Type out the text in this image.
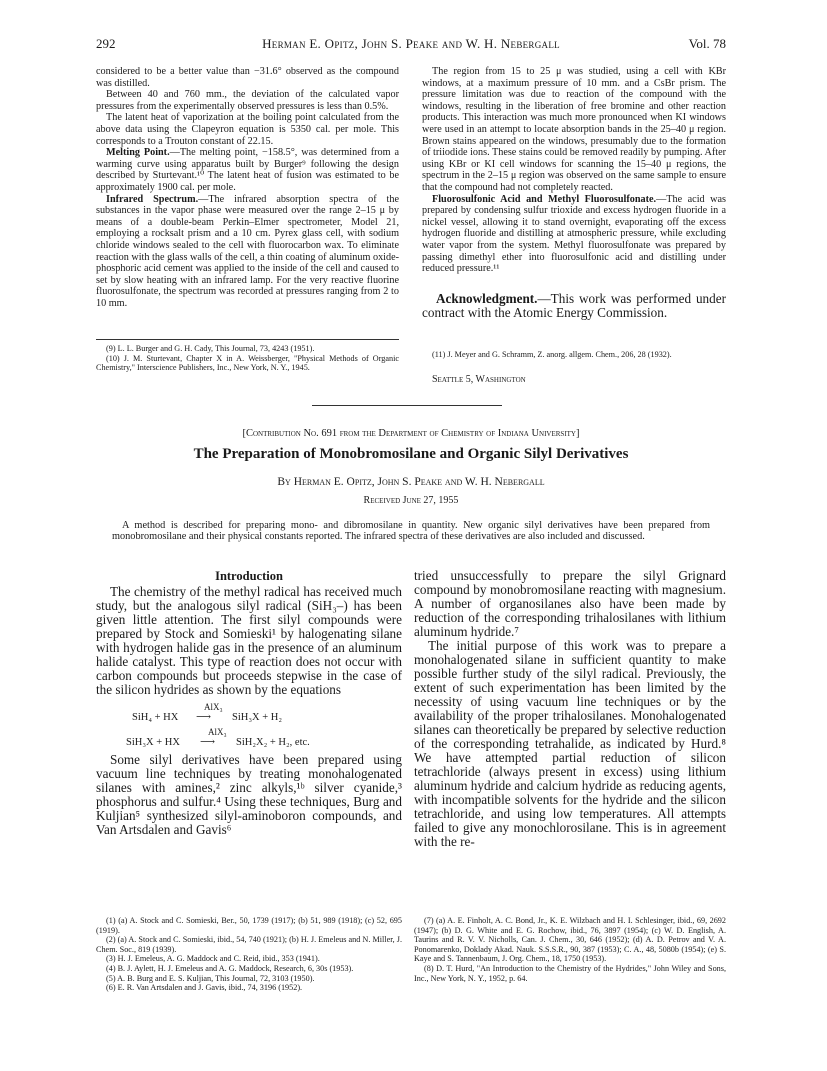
292	Herman E. Opitz, John S. Peake and W. H. Nebergall	Vol. 78

considered to be a better value than −31.6° observed as the compound was distilled.

Between 40 and 760 mm., the deviation of the calculated vapor pressures from the experimentally observed pressures is less than 0.5%.

The latent heat of vaporization at the boiling point calculated from the above data using the Clapeyron equation is 5350 cal. per mole. This corresponds to a Trouton constant of 22.15.

Melting Point.—The melting point, −158.5°, was determined from a warming curve using apparatus built by Burger⁹ following the design described by Sturtevant.¹⁰ The latent heat of fusion was estimated to be approximately 1900 cal. per mole.

Infrared Spectrum.—The infrared absorption spectra of the substances in the vapor phase were measured over the range 2–15 μ by means of a double-beam Perkin–Elmer spectrometer, Model 21, employing a rocksalt prism and a 10 cm. Pyrex glass cell, with sodium chloride windows sealed to the cell with fluorocarbon wax. To eliminate reaction with the glass walls of the cell, a thin coating of aluminum oxide-phosphoric acid cement was applied to the inside of the cell and caused to set by slow heating with an infrared lamp. For the very reactive fluorine fluorosulfonate, the spectrum was recorded at pressures ranging from 2 to 10 mm.

(9) L. L. Burger and G. H. Cady, This Journal, 73, 4243 (1951).

(10) J. M. Sturtevant, Chapter X in A. Weissberger, "Physical Methods of Organic Chemistry," Interscience Publishers, Inc., New York, N. Y., 1945.

The region from 15 to 25 μ was studied, using a cell with KBr windows, at a maximum pressure of 10 mm. and a CsBr prism. The pressure limitation was due to reaction of the compound with the windows, resulting in the liberation of free bromine and other reaction products. This interaction was much more pronounced when KI windows were used in an attempt to locate absorption bands in the 25–40 μ region. Brown stains appeared on the windows, presumably due to the formation of triiodide ions. These stains could be removed readily by pumping. After using KBr or KI cell windows for scanning the 15–40 μ regions, the spectrum in the 2–15 μ region was observed on the same sample to ensure that the compound had not completely reacted.

Fluorosulfonic Acid and Methyl Fluorosulfonate.—The acid was prepared by condensing sulfur trioxide and excess hydrogen fluoride in a nickel vessel, allowing it to stand overnight, evaporating off the excess hydrogen fluoride and distilling at atmospheric pressure, while excluding water vapor from the system. Methyl fluorosulfonate was prepared by passing dimethyl ether into fluorosulfonic acid and distilling under reduced pressure.¹¹

Acknowledgment.—This work was performed under contract with the Atomic Energy Commission.

(11) J. Meyer and G. Schramm, Z. anorg. allgem. Chem., 206, 28 (1932).

Seattle 5, Washington
[Contribution No. 691 from the Department of Chemistry of Indiana University]
The Preparation of Monobromosilane and Organic Silyl Derivatives
By Herman E. Opitz, John S. Peake and W. H. Nebergall
Received June 27, 1955
A method is described for preparing mono- and dibromosilane in quantity. New organic silyl derivatives have been prepared from monobromosilane and their physical constants reported. The infrared spectra of these derivatives are also included and discussed.
Introduction

The chemistry of the methyl radical has received much study, but the analogous silyl radical (SiH₃–) has been given little attention. The first silyl compounds were prepared by Stock and Somieski¹ by halogenating silane with hydrogen halide gas in the presence of an aluminum halide catalyst. This type of reaction does not occur with carbon compounds but proceeds stepwise in the case of the silicon hydrides as shown by the equations

SiH₄ + HX
AlX₃
⟶ SiH₃X + H₂
SiH₃X + HX
AlX₃
⟶ SiH₂X₂ + H₂, etc.

Some silyl derivatives have been prepared using vacuum line techniques by treating monohalogenated silanes with amines,² zinc alkyls,¹ᵇ silver cyanide,³ phosphorus and sulfur.⁴ Using these techniques, Burg and Kuljian⁵ synthesized silyl-aminoboron compounds, and Van Artsdalen and Gavis⁶

tried unsuccessfully to prepare the silyl Grignard compound by monobromosilane reacting with magnesium. A number of organosilanes also have been made by reduction of the corresponding trihalosilanes with lithium aluminum hydride.⁷

The initial purpose of this work was to prepare a monohalogenated silane in sufficient quantity to make possible further study of the silyl radical. Previously, the extent of such experimentation has been limited by the necessity of using vacuum line techniques or by the availability of the proper trihalosilanes. Monohalogenated silanes can theoretically be prepared by selective reduction of the corresponding tetrahalide, as indicated by Hurd.⁸ We have attempted partial reduction of silicon tetrachloride (always present in excess) using lithium aluminum hydride and calcium hydride as reducing agents, with incompatible solvents for the hydride and the silicon tetrachloride, and using low temperatures. All attempts failed to give any monochlorosilane. This is in agreement with the re-

(1) (a) A. Stock and C. Somieski, Ber., 50, 1739 (1917); (b) 51, 989 (1918); (c) 52, 695 (1919).

(2) (a) A. Stock and C. Somieski, ibid., 54, 740 (1921); (b) H. J. Emeleus and N. Miller, J. Chem. Soc., 819 (1939).

(3) H. J. Emeleus, A. G. Maddock and C. Reid, ibid., 353 (1941).

(4) B. J. Aylett, H. J. Emeleus and A. G. Maddock, Research, 6, 30s (1953).

(5) A. B. Burg and E. S. Kuljian, This Journal, 72, 3103 (1950).

(6) E. R. Van Artsdalen and J. Gavis, ibid., 74, 3196 (1952).

(7) (a) A. E. Finholt, A. C. Bond, Jr., K. E. Wilzbach and H. I. Schlesinger, ibid., 69, 2692 (1947); (b) D. G. White and E. G. Rochow, ibid., 76, 3897 (1954); (c) W. D. English, A. Taurins and R. V. V. Nicholls, Can. J. Chem., 30, 646 (1952); (d) A. D. Petrov and V. A. Ponomarenko, Doklady Akad. Nauk. S.S.S.R., 90, 387 (1953); C. A., 48, 5080b (1954); (e) S. Kaye and S. Tannenbaum, J. Org. Chem., 18, 1750 (1953).

(8) D. T. Hurd, "An Introduction to the Chemistry of the Hydrides," John Wiley and Sons, Inc., New York, N. Y., 1952, p. 64.
